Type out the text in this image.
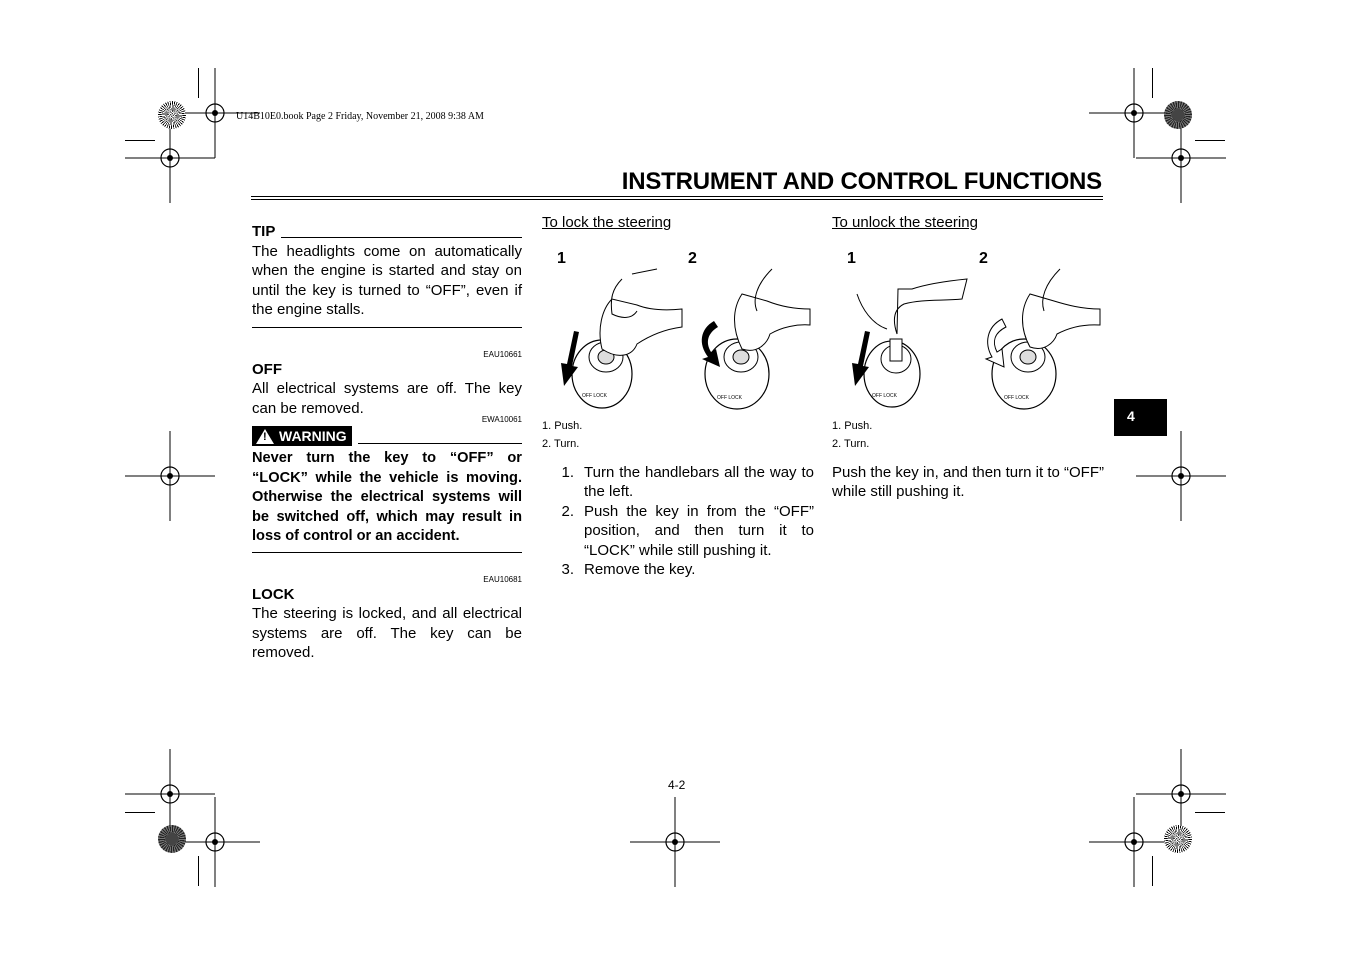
U14B10E0.book Page 2 Friday, November 21, 2008 9:38 AM
INSTRUMENT AND CONTROL FUNCTIONS
TIP
The headlights come on automatically when the engine is started and stay on until the key is turned to “OFF”, even if the engine stalls.
EAU10661
OFF
All electrical systems are off. The key can be removed.
EWA10061
! WARNING
Never turn the key to “OFF” or “LOCK” while the vehicle is moving. Otherwise the electrical systems will be switched off, which may result in loss of control or an accident.
EAU10681
LOCK
The steering is locked, and all electrical systems are off. The key can be removed.
To lock the steering
1	2
OFF LOCK	OFF LOCK
1. Push.
2. Turn.
1. Turn the handlebars all the way to the left.
2. Push the key in from the “OFF” position, and then turn it to “LOCK” while still pushing it.
3. Remove the key.
To unlock the steering
1	2
OFF LOCK	OFF LOCK
1. Push.
2. Turn.
Push the key in, and then turn it to “OFF” while still pushing it.
4
4-2
